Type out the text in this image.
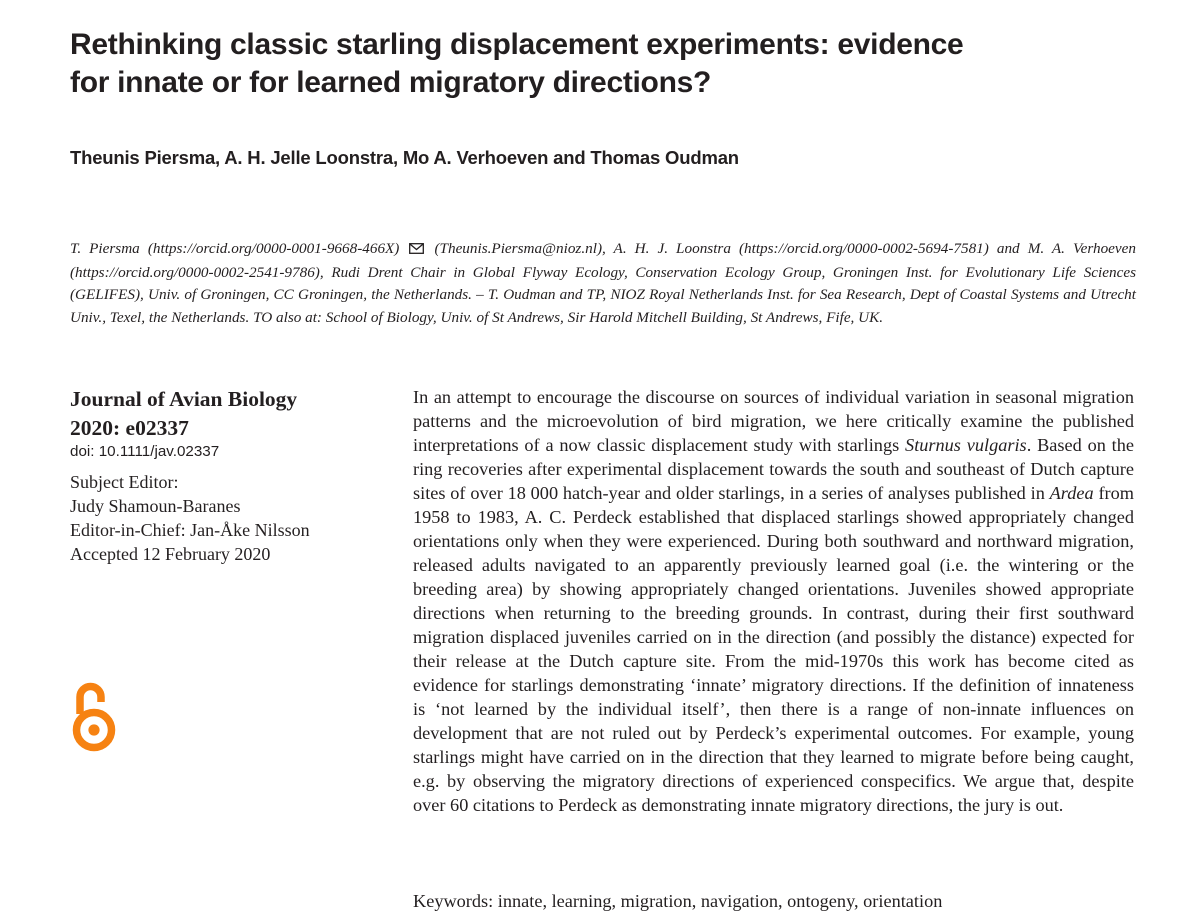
Rethinking classic starling displacement experiments: evidence
for innate or for learned migratory directions?
Theunis Piersma, A. H. Jelle Loonstra, Mo A. Verhoeven and Thomas Oudman
T. Piersma (https://orcid.org/0000-0001-9668-466X) (Theunis.Piersma@nioz.nl), A. H. J. Loonstra (https://orcid.org/0000-0002-5694-7581) and M. A. Verhoeven (https://orcid.org/0000-0002-2541-9786), Rudi Drent Chair in Global Flyway Ecology, Conservation Ecology Group, Groningen Inst. for Evolutionary Life Sciences (GELIFES), Univ. of Groningen, CC Groningen, the Netherlands. – T. Oudman and TP, NIOZ Royal Netherlands Inst. for Sea Research, Dept of Coastal Systems and Utrecht Univ., Texel, the Netherlands. TO also at: School of Biology, Univ. of St Andrews, Sir Harold Mitchell Building, St Andrews, Fife, UK.
Journal of Avian Biology
2020: e02337
doi: 10.1111/jav.02337
Subject Editor:
Judy Shamoun-Baranes
Editor-in-Chief: Jan-Åke Nilsson
Accepted 12 February 2020

In an attempt to encourage the discourse on sources of individual variation in seasonal migration patterns and the microevolution of bird migration, we here critically examine the published interpretations of a now classic displacement study with starlings Sturnus vulgaris. Based on the ring recoveries after experimental displacement towards the south and southeast of Dutch capture sites of over 18 000 hatch-year and older starlings, in a series of analyses published in Ardea from 1958 to 1983, A. C. Perdeck established that displaced starlings showed appropriately changed orientations only when they were experienced. During both southward and northward migration, released adults navigated to an apparently previously learned goal (i.e. the wintering or the breeding area) by showing appropriately changed orientations. Juveniles showed appropriate directions when returning to the breeding grounds. In contrast, during their first southward migration displaced juveniles carried on in the direction (and possibly the distance) expected for their release at the Dutch capture site. From the mid-1970s this work has become cited as evidence for starlings demonstrating ‘innate’ migratory directions. If the definition of innateness is ‘not learned by the individual itself’, then there is a range of non-innate influences on development that are not ruled out by Perdeck’s experimental outcomes. For example, young starlings might have carried on in the direction that they learned to migrate before being caught, e.g. by observing the migratory directions of experienced conspecifics. We argue that, despite over 60 citations to Perdeck as demonstrating innate migratory directions, the jury is out.

Keywords: innate, learning, migration, navigation, ontogeny, orientation
